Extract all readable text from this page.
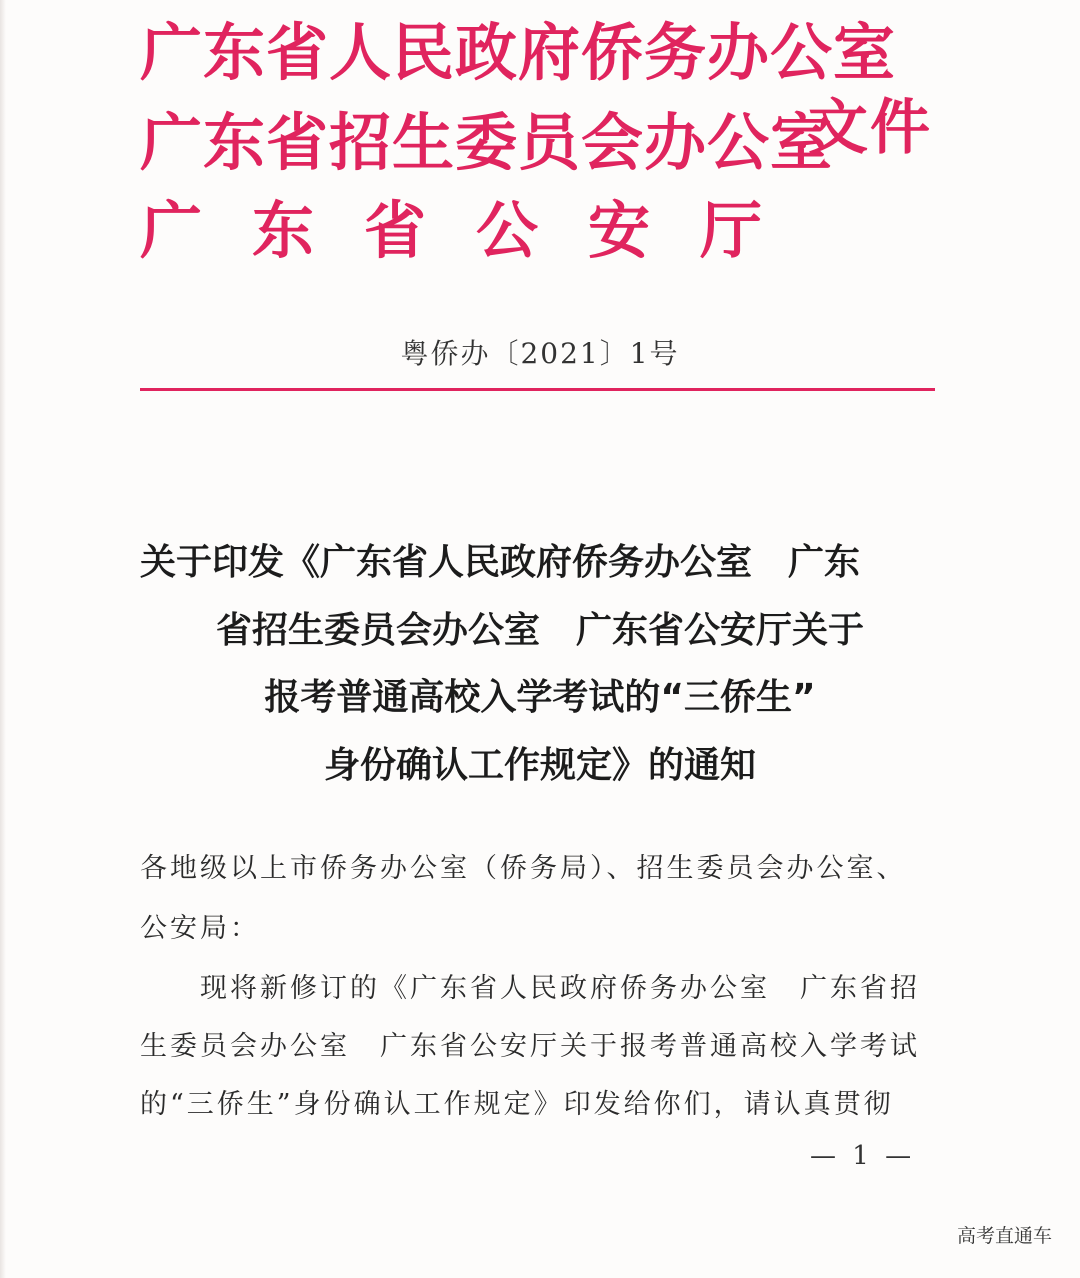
广东省人民政府侨务办公室
广东省招生委员会办公室
广东省公安厅
文件
粤侨办〔2021〕1号
关于印发《广东省人民政府侨务办公室　广东
省招生委员会办公室　广东省公安厅关于
报考普通高校入学考试的“三侨生”
身份确认工作规定》的通知
各地级以上市侨务办公室（侨务局）、招生委员会办公室、
公安局：
现将新修订的《广东省人民政府侨务办公室　广东省招
生委员会办公室　广东省公安厅关于报考普通高校入学考试
的“三侨生”身份确认工作规定》印发给你们，请认真贯彻
— 1 —
高考直通车
